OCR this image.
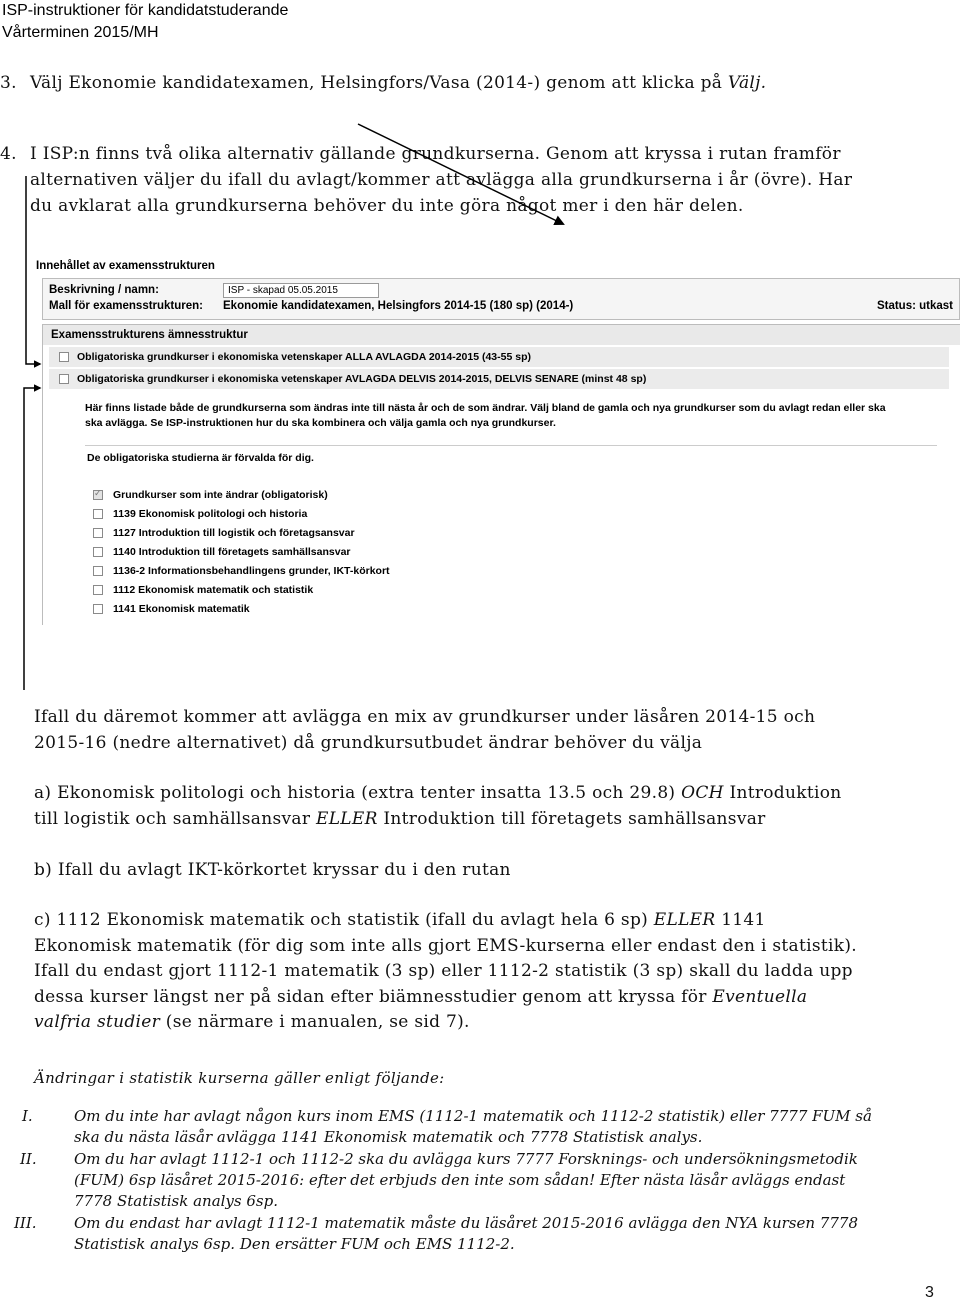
ISP-instruktioner för kandidatstuderande
Vårterminen 2015/MH

3. Välj Ekonomie kandidatexamen, Helsingfors/Vasa (2014-) genom att klicka på Välj.

4. I ISP:n finns två olika alternativ gällande grundkurserna. Genom att kryssa i rutan framför

alternativen väljer du ifall du avlagt/kommer att avlägga alla grundkurserna i år (övre). Har

du avklarat alla grundkurserna behöver du inte göra något mer i den här delen.

Innehållet av examensstrukturen
Beskrivning / namn:	ISP - skapad 05.05.2015
Mall för examensstrukturen: Ekonomie kandidatexamen, Helsingfors 2014-15 (180 sp) (2014-)	Status: utkast
Examensstrukturens ämnesstruktur
Obligatoriska grundkurser i ekonomiska vetenskaper ALLA AVLAGDA 2014-2015 (43-55 sp)
Obligatoriska grundkurser i ekonomiska vetenskaper AVLAGDA DELVIS 2014-2015, DELVIS SENARE (minst 48 sp)
Här finns listade både de grundkurserna som ändras inte till nästa år och de som ändrar. Välj bland de gamla och nya grundkurser som du avlagt redan eller ska
ska avlägga. Se ISP-instruktionen hur du ska kombinera och välja gamla och nya grundkurser.
De obligatoriska studierna är förvalda för dig.
✓
Grundkurser som inte ändrar (obligatorisk)
1139 Ekonomisk politologi och historia
1127 Introduktion till logistik och företagsansvar
1140 Introduktion till företagets samhällsansvar
1136-2 Informationsbehandlingens grunder, IKT-körkort
1112 Ekonomisk matematik och statistik
1141 Ekonomisk matematik

Ifall du däremot kommer att avlägga en mix av grundkurser under läsåren 2014-15 och

2015-16 (nedre alternativet) då grundkursutbudet ändrar behöver du välja

a) Ekonomisk politologi och historia (extra tenter insatta 13.5 och 29.8) OCH Introduktion

till logistik och samhällsansvar ELLER Introduktion till företagets samhällsansvar

b) Ifall du avlagt IKT-körkortet kryssar du i den rutan

c) 1112 Ekonomisk matematik och statistik (ifall du avlagt hela 6 sp) ELLER 1141

Ekonomisk matematik (för dig som inte alls gjort EMS-kurserna eller endast den i statistik).

Ifall du endast gjort 1112-1 matematik (3 sp) eller 1112-2 statistik (3 sp) skall du ladda upp

dessa kurser längst ner på sidan efter biämnesstudier genom att kryssa för Eventuella

valfria studier (se närmare i manualen, se sid 7).

Ändringar i statistik kurserna gäller enligt följande:

I.	Om du inte har avlagt någon kurs inom EMS (1112-1 matematik och 1112-2 statistik) eller 7777 FUM så
ska du nästa läsår avlägga 1141 Ekonomisk matematik och 7778 Statistisk analys.
II.	Om du har avlagt 1112-1 och 1112-2 ska du avlägga kurs 7777 Forsknings- och undersökningsmetodik
(FUM) 6sp läsåret 2015-2016: efter det erbjuds den inte som sådan! Efter nästa läsår avläggs endast
7778 Statistisk analys 6sp.
III.	Om du endast har avlagt 1112-1 matematik måste du läsåret 2015-2016 avlägga den NYA kursen 7778
Statistisk analys 6sp. Den ersätter FUM och EMS 1112-2.
3
